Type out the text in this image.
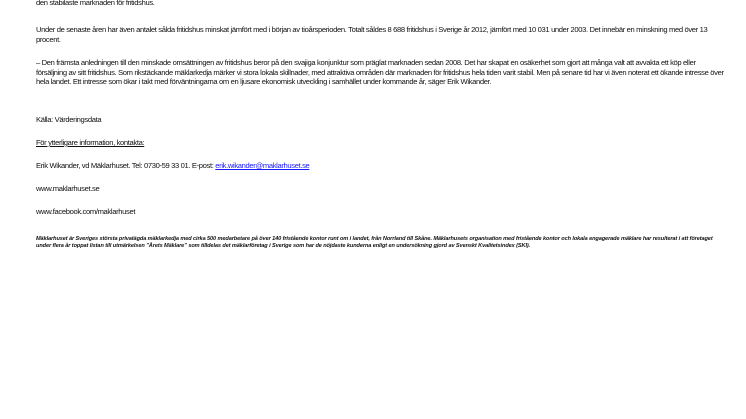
den stabilaste marknaden för fritidshus.

Under de senaste åren har även antalet sålda fritidshus minskat jämfört med i början av tioårsperioden. Totalt såldes 8 688 fritidshus i Sverige år 2012, jämfört med 10 031 under 2003. Det innebär en minskning med över 13 procent.

– Den främsta anledningen till den minskade omsättningen av fritidshus beror på den svajiga konjunktur som präglat marknaden sedan 2008. Det har skapat en osäkerhet som gjort att många valt att avvakta ett köp eller försäljning av sitt fritidshus. Som rikstäckande mäklarkedja märker vi stora lokala skillnader, med attraktiva områden där marknaden för fritidshus hela tiden varit stabil. Men på senare tid har vi även noterat ett ökande intresse över hela landet. Ett intresse som ökar i takt med förväntningarna om en ljusare ekonomisk utveckling i samhället under kommande år, säger Erik Wikander.

Källa: Värderingsdata

För ytterligare information, kontakta:

Erik Wikander, vd Mäklarhuset. Tel: 0730-59 33 01. E-post: erik.wikander@maklarhuset.se

www.maklarhuset.se

www.facebook.com/maklarhuset

Mäklarhuset är Sveriges största privatägda mäklarkedja med cirka 500 medarbetare på över 140 fristående kontor runt om i landet, från Norrland till Skåne. Mäklarhusets organisation med fristående kontor och lokala engagerade mäklare har resulterat i att företaget under flera år toppat listan till utmärkelsen ”Årets Mäklare” som tilldelas det mäklarföretag i Sverige som har de nöjdaste kunderna enligt en undersökning gjord av Svenskt Kvalitetsindex (SKI).
